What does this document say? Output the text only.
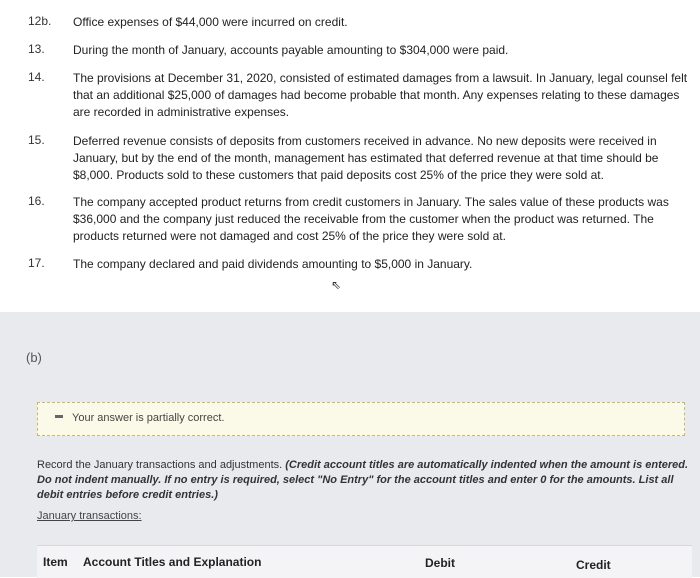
12b. Office expenses of $44,000 were incurred on credit.
13. During the month of January, accounts payable amounting to $304,000 were paid.
14. The provisions at December 31, 2020, consisted of estimated damages from a lawsuit. In January, legal counsel felt that an additional $25,000 of damages had become probable that month. Any expenses relating to these damages are recorded in administrative expenses.
15. Deferred revenue consists of deposits from customers received in advance. No new deposits were received in January, but by the end of the month, management has estimated that deferred revenue at that time should be $8,000. Products sold to these customers that paid deposits cost 25% of the price they were sold at.
16. The company accepted product returns from credit customers in January. The sales value of these products was $36,000 and the company just reduced the receivable from the customer when the product was returned. The products returned were not damaged and cost 25% of the price they were sold at.
17. The company declared and paid dividends amounting to $5,000 in January.
⇖
(b)
Your answer is partially correct.
Record the January transactions and adjustments. (Credit account titles are automatically indented when the amount is entered. Do not indent manually. If no entry is required, select "No Entry" for the account titles and enter 0 for the amounts. List all debit entries before credit entries.)
January transactions:
Item Account Titles and Explanation	Debit	Credit
